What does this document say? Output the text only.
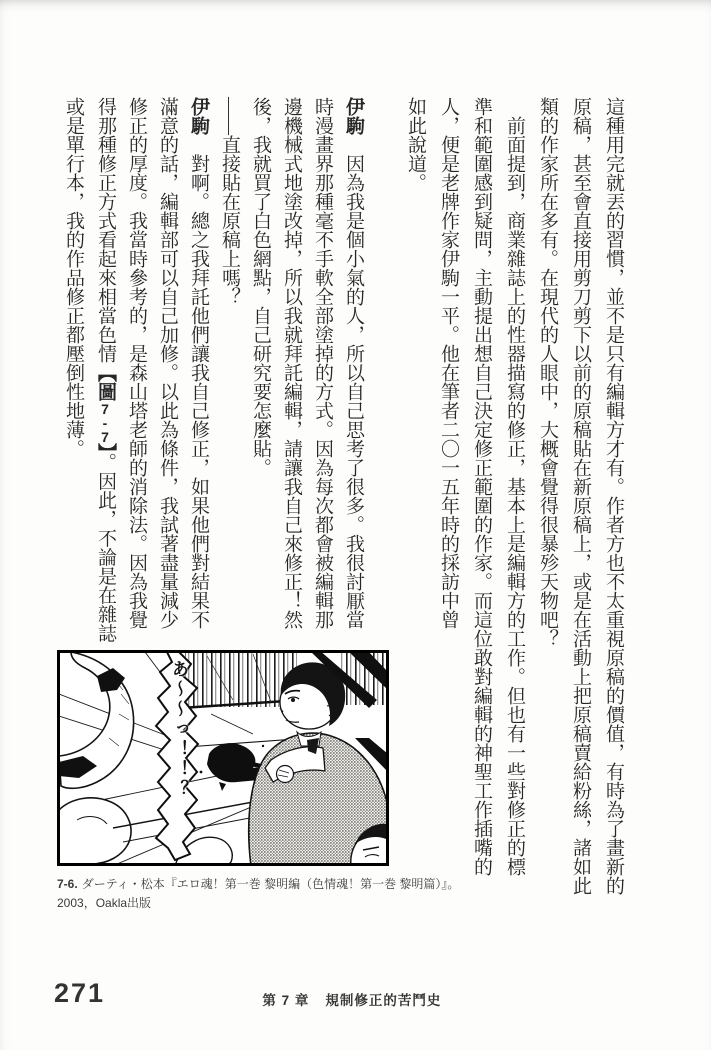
這種用完就丟的習慣，並不是只有編輯方才有。作者方也不太重視原稿的價值，有時為了畫新的

原稿，甚至會直接用剪刀剪下以前的原稿貼在新原稿上，或是在活動上把原稿賣給粉絲，諸如此

類的作家所在多有。在現代的人眼中，大概會覺得很暴殄天物吧？

　前面提到，商業雜誌上的性器描寫的修正，基本上是編輯方的工作。但也有一些對修正的標

準和範圍感到疑問，主動提出想自己決定修正範圍的作家。而這位敢對編輯的神聖工作插嘴的

人，便是老牌作家伊駒一平。他在筆者二〇一五年時的採訪中曾

如此說道。

伊駒　因為我是個小氣的人，所以自己思考了很多。我很討厭當

時漫畫界那種毫不手軟全部塗掉的方式。因為每次都會被編輯那

邊機械式地塗改掉，所以我就拜託編輯，請讓我自己來修正！然

後，我就買了白色網點，自己研究要怎麼貼。

——直接貼在原稿上嗎？

伊駒　對啊。總之我拜託他們讓我自己修正，如果他們對結果不

滿意的話，編輯部可以自己加修。以此為條件，我試著盡量減少

修正的厚度。我當時參考的，是森山塔老師的消除法。因為我覺

得那種修正方式看起來相當色情【圖7-7】。因此，不論是在雜誌

或是單行本，我的作品修正都壓倒性地薄。

あ〜〜っ！！？
7-6. ダーティ・松本『エロ魂！第一巻 黎明編（色情魂！第一巻 黎明篇）』。
2003，Oakla出版
271	第 7 章 規制修正的苦鬥史
